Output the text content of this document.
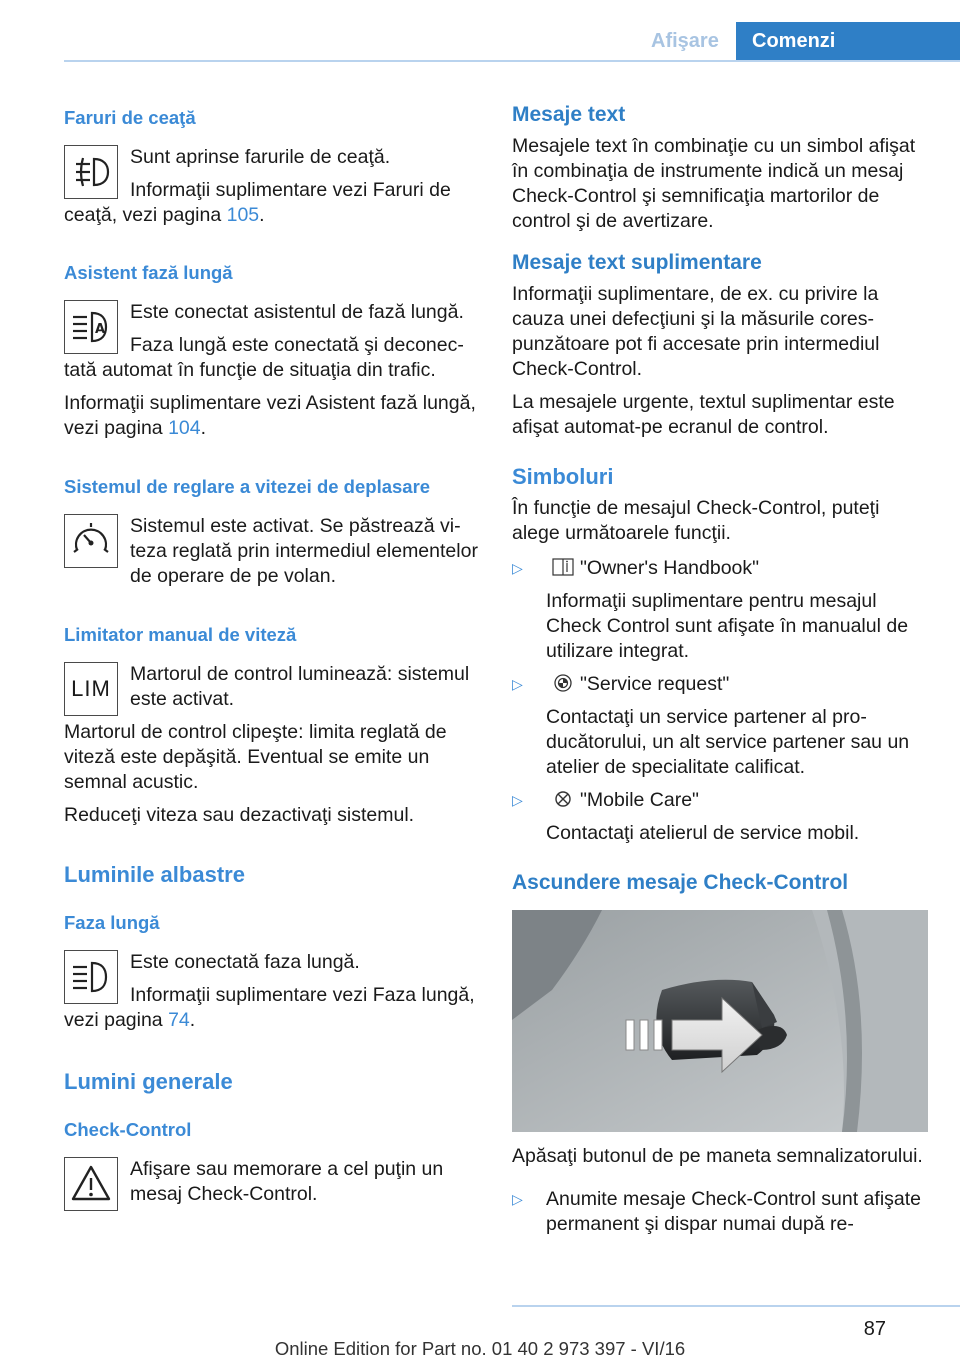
Afişare	Comenzi
Faruri de ceaţă

Sunt aprinse farurile de ceaţă.

Informaţii suplimentare vezi Faruri de ceaţă, vezi pagina 105.

Asistent fază lungă
A

Este conectat asistentul de fază lungă.

Faza lungă este conectată şi deconectată automat în funcţie de situaţia din trafic.

Informaţii suplimentare vezi Asistent fază lungă, vezi pagina 104.

Sistemul de reglare a vitezei de deplasare

Sistemul este activat. Se păstrează viteza reglată prin intermediul elementelor de operare de pe volan.

Limitator manual de viteză
LIM

Martorul de control luminează: sistemul este activat.

Martorul de control clipeşte: limita reglată de viteză este depăşită. Eventual se emite un semnal acustic.

Reduceţi viteza sau dezactivaţi sistemul.

Luminile albastre
Faza lungă

Este conectată faza lungă.

Informaţii suplimentare vezi Faza lungă, vezi pagina 74.

Lumini generale
Check-Control

Afişare sau memorare a cel puţin un mesaj Check-Control.

Mesaje text

Mesajele text în combinaţie cu un simbol afişat în combinaţia de instrumente indică un mesaj Check-Control şi semnificaţia martorilor de control şi de avertizare.

Mesaje text suplimentare

Informaţii suplimentare, de ex. cu privire la cauza unei defecţiuni şi la măsurile corespunzătoare pot fi accesate prin intermediul Check-Control.

La mesajele urgente, textul suplimentar este afişat automat-pe ecranul de control.

Simboluri

În funcţie de mesajul Check-Control, puteţi alege următoarele funcţii.

▷	"Owner's Handbook"

Informaţii suplimentare pentru mesajul Check Control sunt afişate în manualul de utilizare integrat.

▷	"Service request"

Contactaţi un service partener al producătorului, un alt service partener sau un atelier de specialitate calificat.

▷	"Mobile Care"

Contactaţi atelierul de service mobil.

Ascundere mesaje Check-Control

Apăsaţi butonul de pe maneta semnalizatorului.

▷	Anumite mesaje Check-Control sunt afişate permanent şi dispar numai după re-

87
Online Edition for Part no. 01 40 2 973 397 - VI/16
